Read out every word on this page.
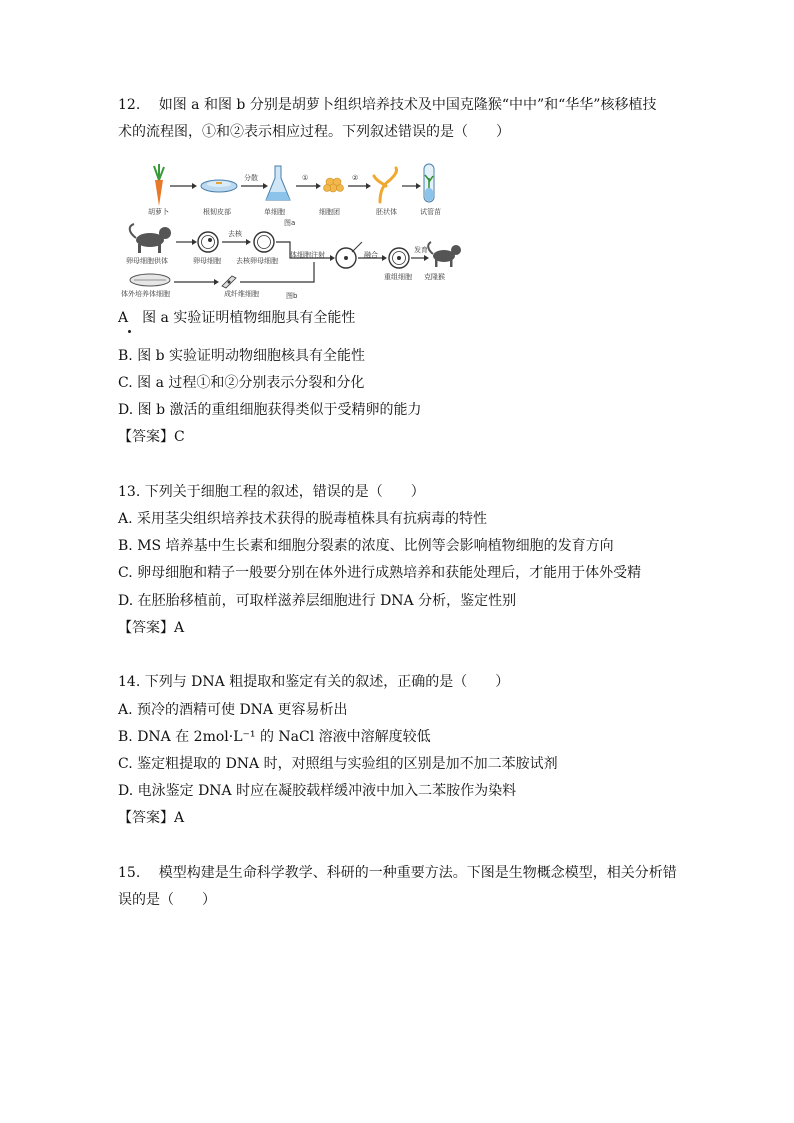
12.　 如图 a 和图 b 分别是胡萝卜组织培养技术及中国克隆猴“中中”和“华华”核移植技
术的流程图，①和②表示相应过程。下列叙述错误的是（　　）
胡萝卜	根韧皮部
分散
单细胞
①
细胞团
②
胚状体	试管苗
图a
卵母细胞供体	卵母细胞
去核
去核卵母细胞
体细胞注射	融合
重组细胞
发育
克隆猴
体外培养体细胞	成纤维细胞	图b
A　图 a 实验证明植物细胞具有全能性
B. 图 b 实验证明动物细胞核具有全能性
C. 图 a 过程①和②分别表示分裂和分化
D. 图 b 激活的重组细胞获得类似于受精卵的能力
【答案】C
13. 下列关于细胞工程的叙述，错误的是（　　）
A. 采用茎尖组织培养技术获得的脱毒植株具有抗病毒的特性
B. MS 培养基中生长素和细胞分裂素的浓度、比例等会影响植物细胞的发育方向
C. 卵母细胞和精子一般要分别在体外进行成熟培养和获能处理后，才能用于体外受精
D. 在胚胎移植前，可取样滋养层细胞进行 DNA 分析，鉴定性别
【答案】A
14. 下列与 DNA 粗提取和鉴定有关的叙述，正确的是（　　）
A. 预冷的酒精可使 DNA 更容易析出
B. DNA 在 2mol·L⁻¹ 的 NaCl 溶液中溶解度较低
C. 鉴定粗提取的 DNA 时，对照组与实验组的区别是加不加二苯胺试剂
D. 电泳鉴定 DNA 时应在凝胶载样缓冲液中加入二苯胺作为染料
【答案】A
15.　 模型构建是生命科学教学、科研的一种重要方法。下图是生物概念模型，相关分析错
误的是（　　）
